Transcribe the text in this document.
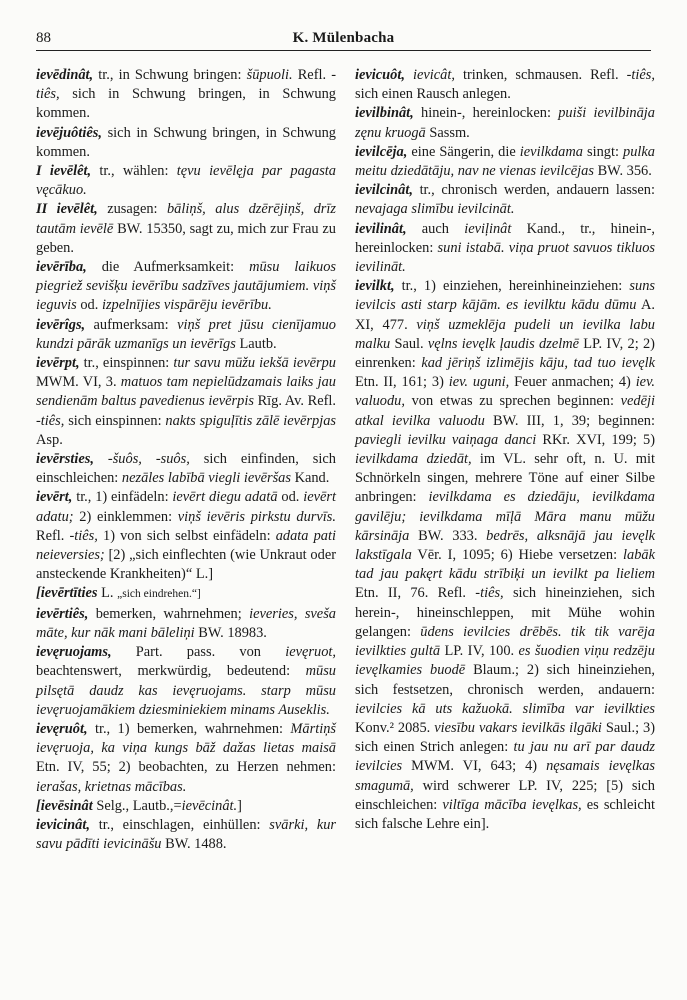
88	K. Mülenbacha

ievēdinât, tr., in Schwung bringen: šūpuoli. Refl. -tiês, sich in Schwung bringen, in Schwung kommen.

ievējuôtiês, sich in Schwung bringen, in Schwung kommen.

I ievēlêt, tr., wählen: tęvu ievēlęja par pagasta vęcākuo.

II ievēlêt, zusagen: bāliņš, alus dzērējiņš, drīz tautām ievēlē BW. 15350, sagt zu, mich zur Frau zu geben.

ievērība, die Aufmerksamkeit: mūsu laikuos piegriež sevišķu ievērību sadzīves jautājumiem. viņš ieguvis od. izpelnījies vispārēju ievērību.

ievērîgs, aufmerksam: viņš pret jūsu cienījamuo kundzi pārāk uzmanīgs un ievērīgs Lautb.

ievērpt, tr., einspinnen: tur savu mūžu iekšā ievērpu MWM. VI, 3. matuos tam nepielūdzamais laiks jau sendienām baltus pavedienus ievērpis Rīg. Av. Refl. -tiês, sich einspinnen: nakts spiguļītis zālē ievērpjas Asp.

ievērsties, -šuôs, -suôs, sich einfinden, sich einschleichen: nezāles labībā viegli ievēršas Kand.

ievērt, tr., 1) einfädeln: ievērt diegu adatā od. ievērt adatu; 2) einklemmen: viņš ievēris pirkstu durvīs. Refl. -tiês, 1) von sich selbst einfädeln: adata pati neieversies; [2) „sich einflechten (wie Unkraut oder ansteckende Krankheiten)“ L.]

[ievērtīties L. „sich eindrehen.“]

ievērtiês, bemerken, wahrnehmen; ieveries, sveša māte, kur nāk mani bāleliņi BW. 18983.

ievęruojams, Part. pass. von ievęruot, beachtenswert, merkwürdig, bedeutend: mūsu pilsętā daudz kas ievęruojams. starp mūsu ievęruojamākiem dziesminiekiem minams Auseklis.

ievęruôt, tr., 1) bemerken, wahrnehmen: Mārtiņš ievęruoja, ka viņa kungs bāž dažas lietas maisā Etn. IV, 55; 2) beobachten, zu Herzen nehmen: ierašas, krietnas mācības.

[ievēsinât Selg., Lautb.,=ievēcinât.]

ievicinât, tr., einschlagen, einhüllen: svārki, kur savu pādīti ievicināšu BW. 1488.

ievicuôt, ievicât, trinken, schmausen. Refl. -tiês, sich einen Rausch anlegen.

ievilbinât, hinein-, hereinlocken: puiši ievilbināja zęnu kruogā Sassm.

ievilcēja, eine Sängerin, die ievilkdama singt: pulka meitu dziedātāju, nav ne vienas ievilcējas BW. 356.

ievilcinât, tr., chronisch werden, andauern lassen: nevajaga slimību ievilcināt.

ievilinât, auch ieviļinât Kand., tr., hinein-, hereinlocken: suni istabā. viņa pruot savuos tikluos ievilināt.

ievilkt, tr., 1) einziehen, hereinhineinziehen: suns ievilcis asti starp kājām. es ievilktu kādu dūmu A. XI, 477. viņš uzmeklēja pudeli un ievilka labu malku Saul. vęlns ievęlk ļaudis dzelmē LP. IV, 2; 2) einrenken: kad jēriņš izlimējis kāju, tad tuo ievęlk Etn. II, 161; 3) iev. uguni, Feuer anmachen; 4) iev. valuodu, von etwas zu sprechen beginnen: vedēji atkal ievilka valuodu BW. III, 1, 39; beginnen: paviegli ievilku vaiņaga danci RKr. XVI, 199; 5) ievilkdama dziedāt, im VL. sehr oft, n. U. mit Schnörkeln singen, mehrere Töne auf einer Silbe anbringen: ievilkdama es dziedāju, ievilkdama gavilēju; ievilkdama mīļā Māra manu mūžu kārsināja BW. 333. bedrēs, alksnājā jau ievęlk lakstīgala Vēr. I, 1095; 6) Hiebe versetzen: labāk tad jau pakęrt kādu strībiķi un ievilkt pa lieliem Etn. II, 76. Refl. -tiês, sich hineinziehen, sich herein-, hineinschleppen, mit Mühe wohin gelangen: ūdens ievilcies drēbēs. tik tik varēja ievilkties gultā LP. IV, 100. es šuodien viņu redzēju ievęlkamies buodē Blaum.; 2) sich hineinziehen, sich festsetzen, chronisch werden, andauern: ievilcies kā uts kažuokā. slimība var ievilkties Konv.² 2085. viesību vakars ievilkās ilgāki Saul.; 3) sich einen Strich anlegen: tu jau nu arī par daudz ievilcies MWM. VI, 643; 4) nęsamais ievęlkas smagumā, wird schwerer LP. IV, 225; [5) sich einschleichen: viltīga mācība ievęlkas, es schleicht sich falsche Lehre ein].
